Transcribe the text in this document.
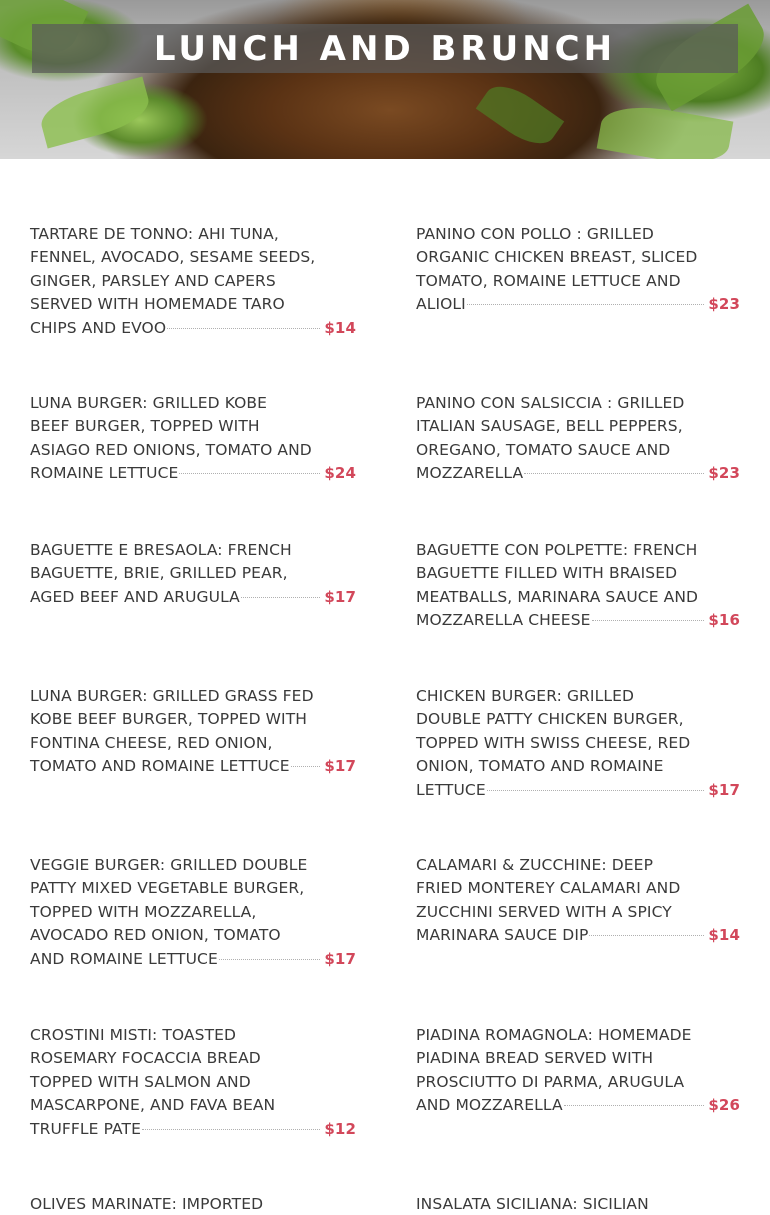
LUNCH AND BRUNCH
TARTARE DE TONNO: AHI TUNA,
FENNEL, AVOCADO, SESAME SEEDS,
GINGER, PARSLEY AND CAPERS
SERVED WITH HOMEMADE TARO
CHIPS AND EVOO	$14
LUNA BURGER: GRILLED KOBE
BEEF BURGER, TOPPED WITH
ASIAGO RED ONIONS, TOMATO AND
ROMAINE LETTUCE	$24
BAGUETTE E BRESAOLA: FRENCH
BAGUETTE, BRIE, GRILLED PEAR,
AGED BEEF AND ARUGULA	$17
LUNA BURGER: GRILLED GRASS FED
KOBE BEEF BURGER, TOPPED WITH
FONTINA CHEESE, RED ONION,
TOMATO AND ROMAINE LETTUCE $17
VEGGIE BURGER: GRILLED DOUBLE
PATTY MIXED VEGETABLE BURGER,
TOPPED WITH MOZZARELLA,
AVOCADO RED ONION, TOMATO
AND ROMAINE LETTUCE	$17
CROSTINI MISTI: TOASTED
ROSEMARY FOCACCIA BREAD
TOPPED WITH SALMON AND
MASCARPONE, AND FAVA BEAN
TRUFFLE PATE	$12
OLIVES MARINATE: IMPORTED
PANINO CON POLLO : GRILLED
ORGANIC CHICKEN BREAST, SLICED
TOMATO, ROMAINE LETTUCE AND
ALIOLI	$23
PANINO CON SALSICCIA : GRILLED
ITALIAN SAUSAGE, BELL PEPPERS,
OREGANO, TOMATO SAUCE AND
MOZZARELLA	$23
BAGUETTE CON POLPETTE: FRENCH
BAGUETTE FILLED WITH BRAISED
MEATBALLS, MARINARA SAUCE AND
MOZZARELLA CHEESE	$16
CHICKEN BURGER: GRILLED
DOUBLE PATTY CHICKEN BURGER,
TOPPED WITH SWISS CHEESE, RED
ONION, TOMATO AND ROMAINE
LETTUCE	$17
CALAMARI & ZUCCHINE: DEEP
FRIED MONTEREY CALAMARI AND
ZUCCHINI SERVED WITH A SPICY
MARINARA SAUCE DIP	$14
PIADINA ROMAGNOLA: HOMEMADE
PIADINA BREAD SERVED WITH
PROSCIUTTO DI PARMA, ARUGULA
AND MOZZARELLA	$26
INSALATA SICILIANA: SICILIAN
